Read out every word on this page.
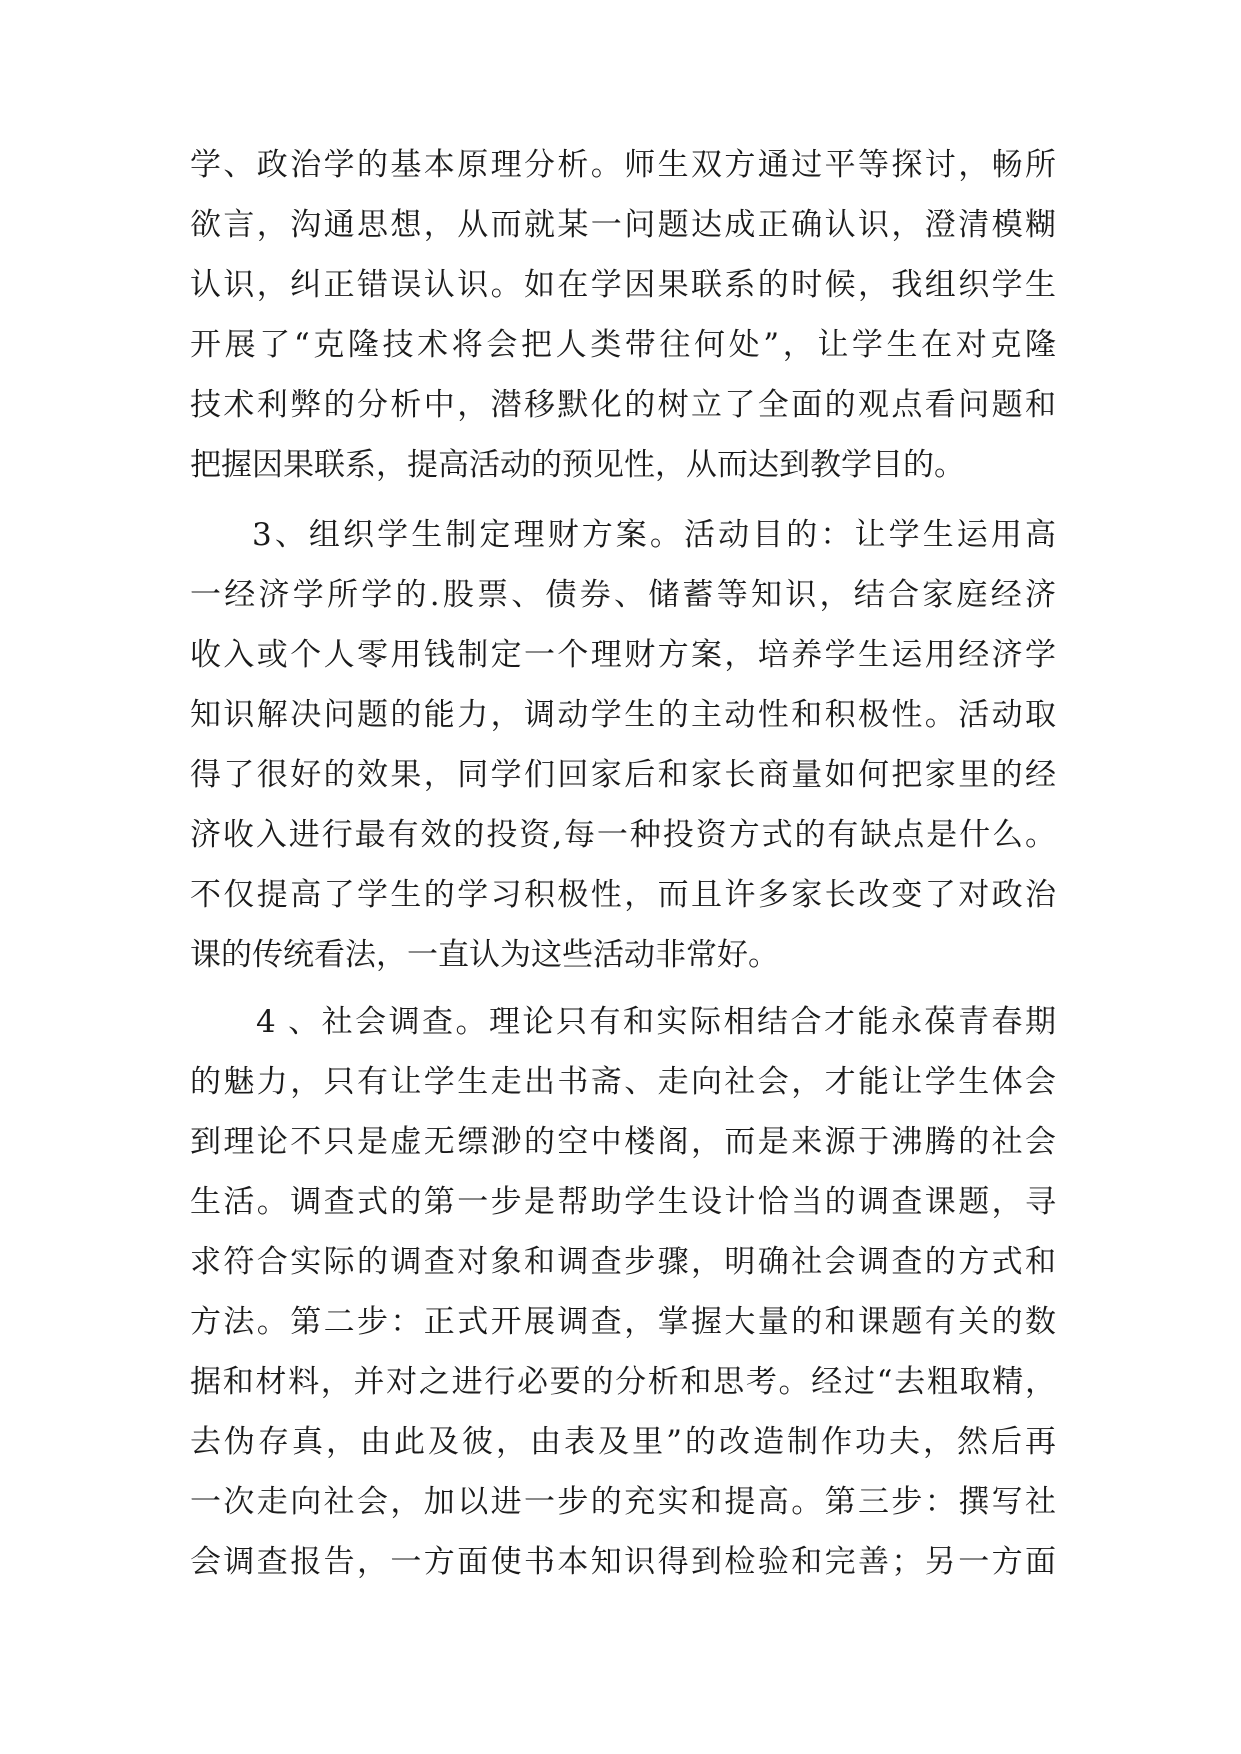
学、政治学的基本原理分析。师生双方通过平等探讨，畅所
欲言，沟通思想，从而就某一问题达成正确认识，澄清模糊
认识，纠正错误认识。如在学因果联系的时候，我组织学生
开展了“克隆技术将会把人类带往何处”，让学生在对克隆
技术利弊的分析中，潜移默化的树立了全面的观点看问题和
把握因果联系，提高活动的预见性，从而达到教学目的。
3、组织学生制定理财方案。活动目的：让学生运用高
一经济学所学的.股票、债券、储蓄等知识，结合家庭经济
收入或个人零用钱制定一个理财方案，培养学生运用经济学
知识解决问题的能力，调动学生的主动性和积极性。活动取
得了很好的效果，同学们回家后和家长商量如何把家里的经
济收入进行最有效的投资,每一种投资方式的有缺点是什么。
不仅提高了学生的学习积极性，而且许多家长改变了对政治
课的传统看法，一直认为这些活动非常好。
4 、社会调查。理论只有和实际相结合才能永葆青春期
的魅力，只有让学生走出书斋、走向社会，才能让学生体会
到理论不只是虚无缥渺的空中楼阁，而是来源于沸腾的社会
生活。调查式的第一步是帮助学生设计恰当的调查课题，寻
求符合实际的调查对象和调查步骤，明确社会调查的方式和
方法。第二步：正式开展调查，掌握大量的和课题有关的数
据和材料，并对之进行必要的分析和思考。经过“去粗取精，
去伪存真，由此及彼，由表及里”的改造制作功夫，然后再
一次走向社会，加以进一步的充实和提高。第三步：撰写社
会调查报告，一方面使书本知识得到检验和完善；另一方面
